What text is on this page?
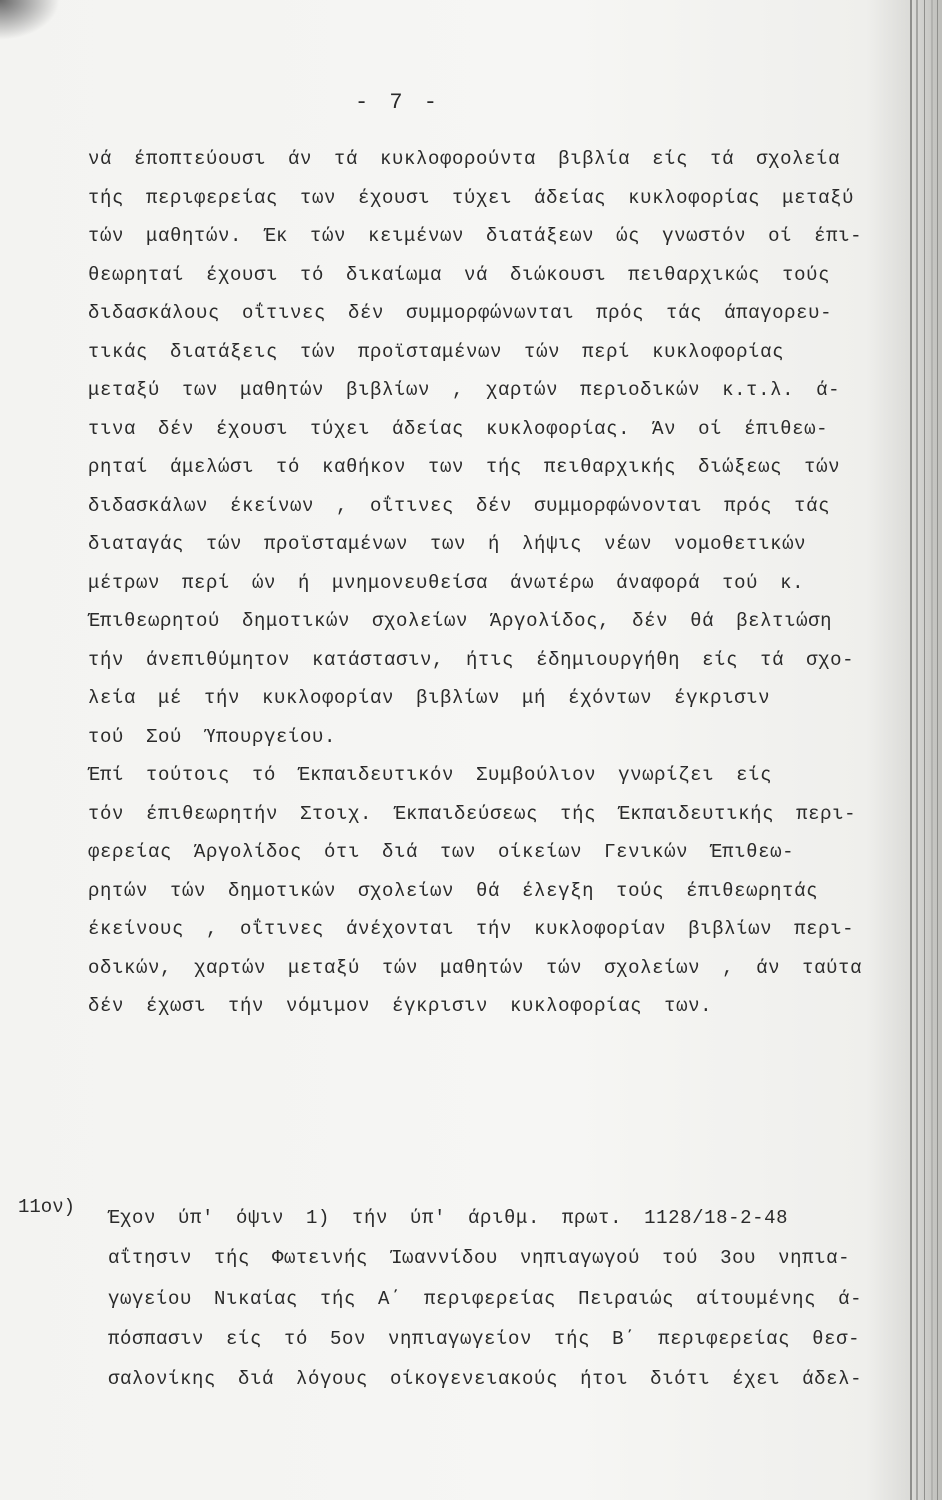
- 7 -
νά έποπτεύουσι άν τά κυκλοφορούντα βιβλία είς τά σχολεία
τής περιφερείας των έχουσι τύχει άδείας κυκλοφορίας μεταξύ
τών μαθητών. Έκ τών κειμένων διατάξεων ώς γνωστόν οί έπι-
θεωρηταί έχουσι τό δικαίωμα νά διώκουσι πειθαρχικώς τούς
διδασκάλους οΐτινες δέν συμμορφώνωνται πρός τάς άπαγορευ-
τικάς διατάξεις τών προϊσταμένων τών περί κυκλοφορίας
μεταξύ των μαθητών βιβλίων , χαρτών περιοδικών κ.τ.λ. ά-
τινα δέν έχουσι τύχει άδείας κυκλοφορίας. Άν οί έπιθεω-
ρηταί άμελώσι τό καθήκον των τής πειθαρχικής διώξεως τών
διδασκάλων έκείνων , οΐτινες δέν συμμορφώνονται πρός τάς
διαταγάς τών προϊσταμένων των ή λήψις νέων νομοθετικών
μέτρων περί ών ή μνημονευθείσα άνωτέρω άναφορά τού κ.
Έπιθεωρητού δημοτικών σχολείων Άργολίδος, δέν θά βελτιώση
τήν άνεπιθύμητον κατάστασιν, ήτις έδημιουργήθη είς τά σχο-
λεία μέ τήν κυκλοφορίαν βιβλίων μή έχόντων έγκρισιν
τού Σού Ύπουργείου.
Έπί τούτοις τό Έκπαιδευτικόν Συμβούλιον γνωρίζει είς
τόν έπιθεωρητήν Στοιχ. Έκπαιδεύσεως τής Έκπαιδευτικής περι-
φερείας Άργολίδος ότι διά των οίκείων Γενικών Έπιθεω-
ρητών τών δημοτικών σχολείων θά έλεγξη τούς έπιθεωρητάς
έκείνους , οΐτινες άνέχονται τήν κυκλοφορίαν βιβλίων περι-
οδικών, χαρτών μεταξύ τών μαθητών τών σχολείων , άν ταύτα
δέν έχωσι τήν νόμιμον έγκρισιν κυκλοφορίας των.
11ον) Έχον ύπ' όψιν 1) τήν ύπ' άριθμ. πρωτ. 1128/18-2-48
αΐτησιν τής Φωτεινής Ίωαννίδου νηπιαγωγού τού 3ου νηπια-
γωγείου Νικαίας τής Α΄ περιφερείας Πειραιώς αίτουμένης ά-
πόσπασιν είς τό 5ον νηπιαγωγείον τής Β΄ περιφερείας θεσ-
σαλονίκης διά λόγους οίκογενειακούς ήτοι διότι έχει άδελ-
